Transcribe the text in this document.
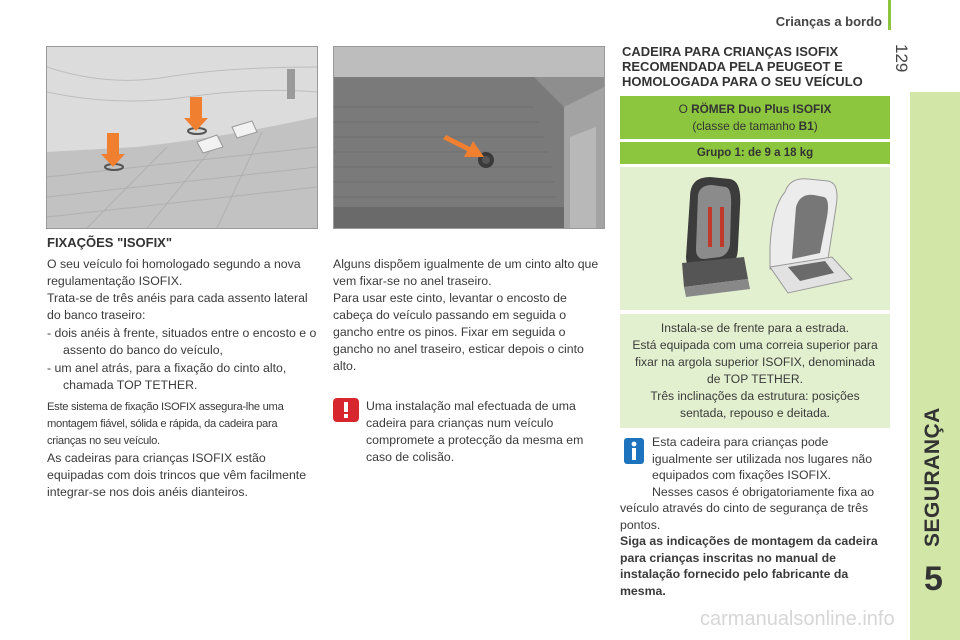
Crianças a bordo
129
SEGURANÇA
5
FIXAÇÕES "ISOFIX"

O seu veículo foi homologado segundo a nova regulamentação ISOFIX.

Trata-se de três anéis para cada assento lateral do banco traseiro:

- dois anéis à frente, situados entre o encosto e o assento do banco do veículo,

- um anel atrás, para a fixação do cinto alto, chamada TOP TETHER.

Este sistema de fixação ISOFIX assegura-lhe uma montagem fiável, sólida e rápida, da cadeira para crianças no seu veículo.

As cadeiras para crianças ISOFIX estão equipadas com dois trincos que vêm facilmente integrar-se nos dois anéis dianteiros.

Alguns dispõem igualmente de um cinto alto que vem fixar-se no anel traseiro.

Para usar este cinto, levantar o encosto de cabeça do veículo passando em seguida o gancho entre os pinos. Fixar em seguida o gancho no anel traseiro, esticar depois o cinto alto.

Uma instalação mal efectuada de uma cadeira para crianças num veículo compromete a protecção da mesma em caso de colisão.
CADEIRA PARA CRIANÇAS ISOFIX
RECOMENDADA PELA PEUGEOT E
HOMOLOGADA PARA O SEU VEÍCULO
O RÖMER Duo Plus ISOFIX
(classe de tamanho B1)
Grupo 1: de 9 a 18 kg
Instala-se de frente para a estrada.
Está equipada com uma correia superior para fixar na argola superior ISOFIX, denominada de TOP TETHER.
Três inclinações da estrutura: posições sentada, repouso e deitada.
Esta cadeira para crianças pode igualmente ser utilizada nos lugares não equipados com fixações ISOFIX.
Nesses casos é obrigatoriamente fixa ao veículo através do cinto de segurança de três pontos.
Siga as indicações de montagem da cadeira para crianças inscritas no manual de instalação fornecido pelo fabricante da mesma.
carmanualsonline.info
